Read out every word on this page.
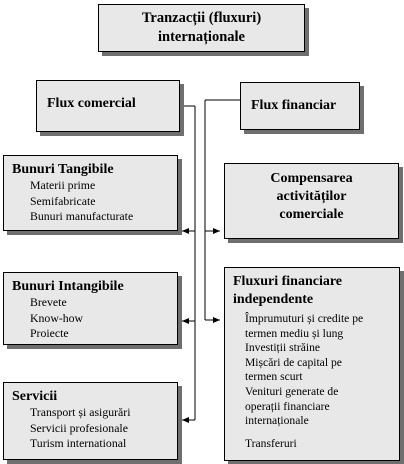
Tranzacții (fluxuri)
internaționale
Flux comercial	Flux financiar
Bunuri Tangibile
Materii prime
Semifabricate
Bunuri manufacturate
Bunuri Intangibile
Brevete
Know-how
Proiecte
Servicii
Transport și asigurări
Servicii profesionale
Turism international
Compensarea
activităților
comerciale
Fluxuri financiare
independente
Împrumuturi și credite pe
termen mediu și lung
Investiții străine
Mișcări de capital pe
termen scurt
Venituri generate de
operații financiare
internaționale
Transferuri
